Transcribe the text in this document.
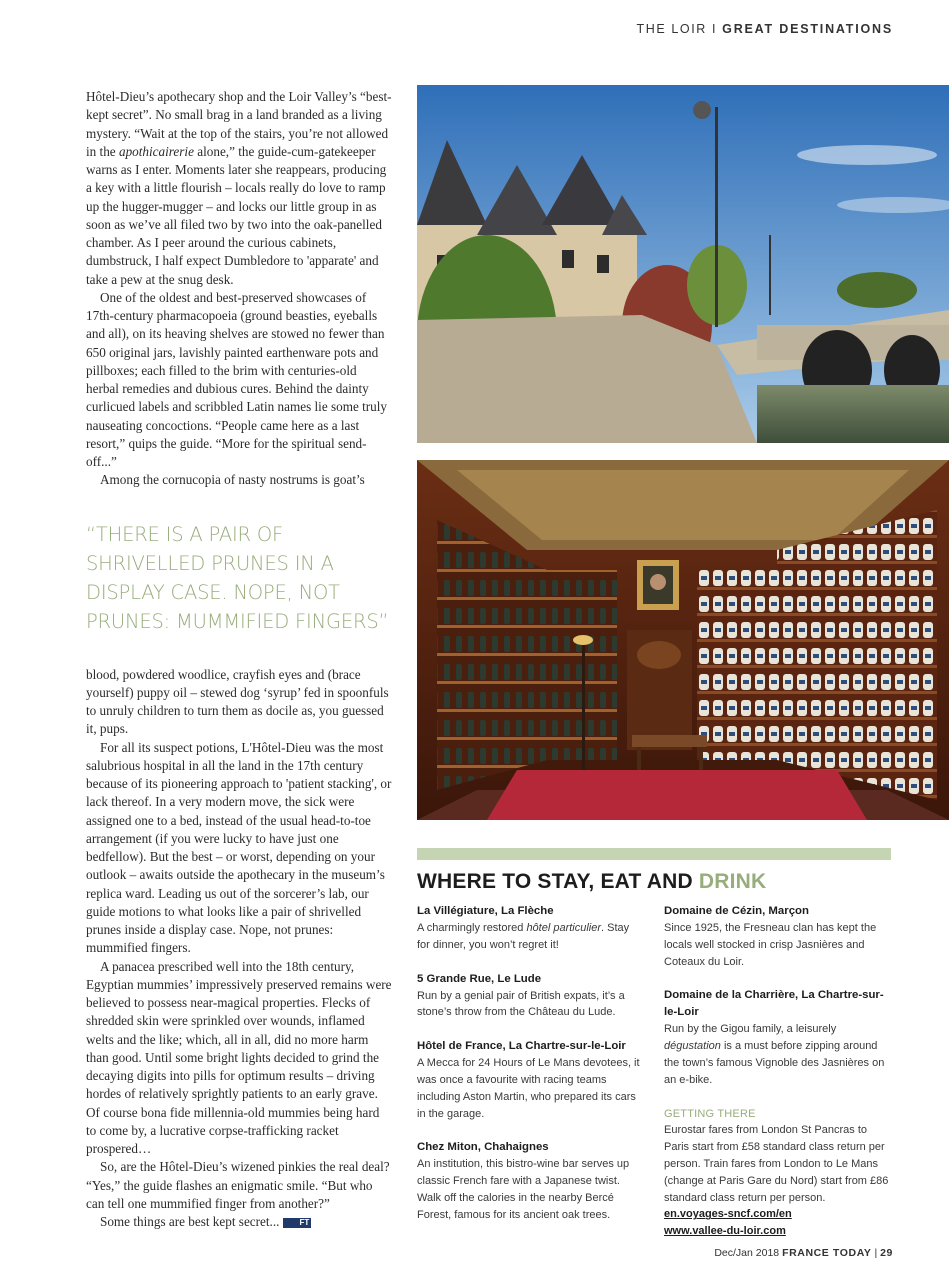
THE LOIR I GREAT DESTINATIONS

Hôtel-Dieu’s apothecary shop and the Loir Valley’s “best-kept secret”. No small brag in a land branded as a living mystery. “Wait at the top of the stairs, you’re not allowed in the apothicairerie alone,” the guide-cum-gatekeeper warns as I enter. Moments later she reappears, producing a key with a little flourish – locals really do love to ramp up the hugger-mugger – and locks our little group in as soon as we’ve all filed two by two into the oak-panelled chamber. As I peer around the curious cabinets, dumbstruck, I half expect Dumbledore to 'apparate' and take a pew at the snug desk.

One of the oldest and best-preserved showcases of 17th-century pharmacopoeia (ground beasties, eyeballs and all), on its heaving shelves are stowed no fewer than 650 original jars, lavishly painted earthenware pots and pillboxes; each filled to the brim with centuries-old herbal remedies and dubious cures. Behind the dainty curlicued labels and scribbled Latin names lie some truly nauseating concoctions. “People came here as a last resort,” quips the guide. “More for the spiritual send-off...”

Among the cornucopia of nasty nostrums is goat’s

“THERE IS A PAIR OF SHRIVELLED PRUNES IN A DISPLAY CASE. NOPE, NOT PRUNES: MUMMIFIED FINGERS”

blood, powdered woodlice, crayfish eyes and (brace yourself) puppy oil – stewed dog ‘syrup’ fed in spoonfuls to unruly children to turn them as docile as, you guessed it, pups.

For all its suspect potions, L'Hôtel-Dieu was the most salubrious hospital in all the land in the 17th century because of its pioneering approach to 'patient stacking', or lack thereof. In a very modern move, the sick were assigned one to a bed, instead of the usual head-to-toe arrangement (if you were lucky to have just one bedfellow). But the best – or worst, depending on your outlook – awaits outside the apothecary in the museum’s replica ward. Leading us out of the sorcerer’s lab, our guide motions to what looks like a pair of shrivelled prunes inside a display case. Nope, not prunes: mummified fingers.

A panacea prescribed well into the 18th century, Egyptian mummies’ impressively preserved remains were believed to possess near-magical properties. Flecks of shredded skin were sprinkled over wounds, inflamed welts and the like; which, all in all, did no more harm than good. Until some bright lights decided to grind the decaying digits into pills for optimum results – driving hordes of relatively sprightly patients to an early grave. Of course bona fide millennia-old mummies being hard to come by, a lucrative corpse-trafficking racket prospered…

So, are the Hôtel-Dieu’s wizened pinkies the real deal? “Yes,” the guide flashes an enigmatic smile. “But who can tell one mummified finger from another?”

Some things are best kept secret...	FT

WHERE TO STAY, EAT AND DRINK
La Villégiature, La Flèche

A charmingly restored hôtel particulier. Stay for dinner, you won’t regret it!

5 Grande Rue, Le Lude

Run by a genial pair of British expats, it’s a stone’s throw from the Château du Lude.

Hôtel de France, La Chartre-sur-le-Loir

A Mecca for 24 Hours of Le Mans devotees, it was once a favourite with racing teams including Aston Martin, who prepared its cars in the garage.

Chez Miton, Chahaignes

An institution, this bistro-wine bar serves up classic French fare with a Japanese twist. Walk off the calories in the nearby Bercé Forest, famous for its ancient oak trees.

Domaine de Cézin, Marçon

Since 1925, the Fresneau clan has kept the locals well stocked in crisp Jasnières and Coteaux du Loir.

Domaine de la Charrière, La Chartre-sur-le-Loir

Run by the Gigou family, a leisurely dégustation is a must before zipping around the town’s famous Vignoble des Jasnières on an e-bike.

GETTING THERE

Eurostar fares from London St Pancras to Paris start from £58 standard class return per person. Train fares from London to Le Mans (change at Paris Gare du Nord) start from £86 standard class return per person.

en.voyages-sncf.com/en
www.vallee-du-loir.com
Dec/Jan 2018 FRANCE TODAY | 29
